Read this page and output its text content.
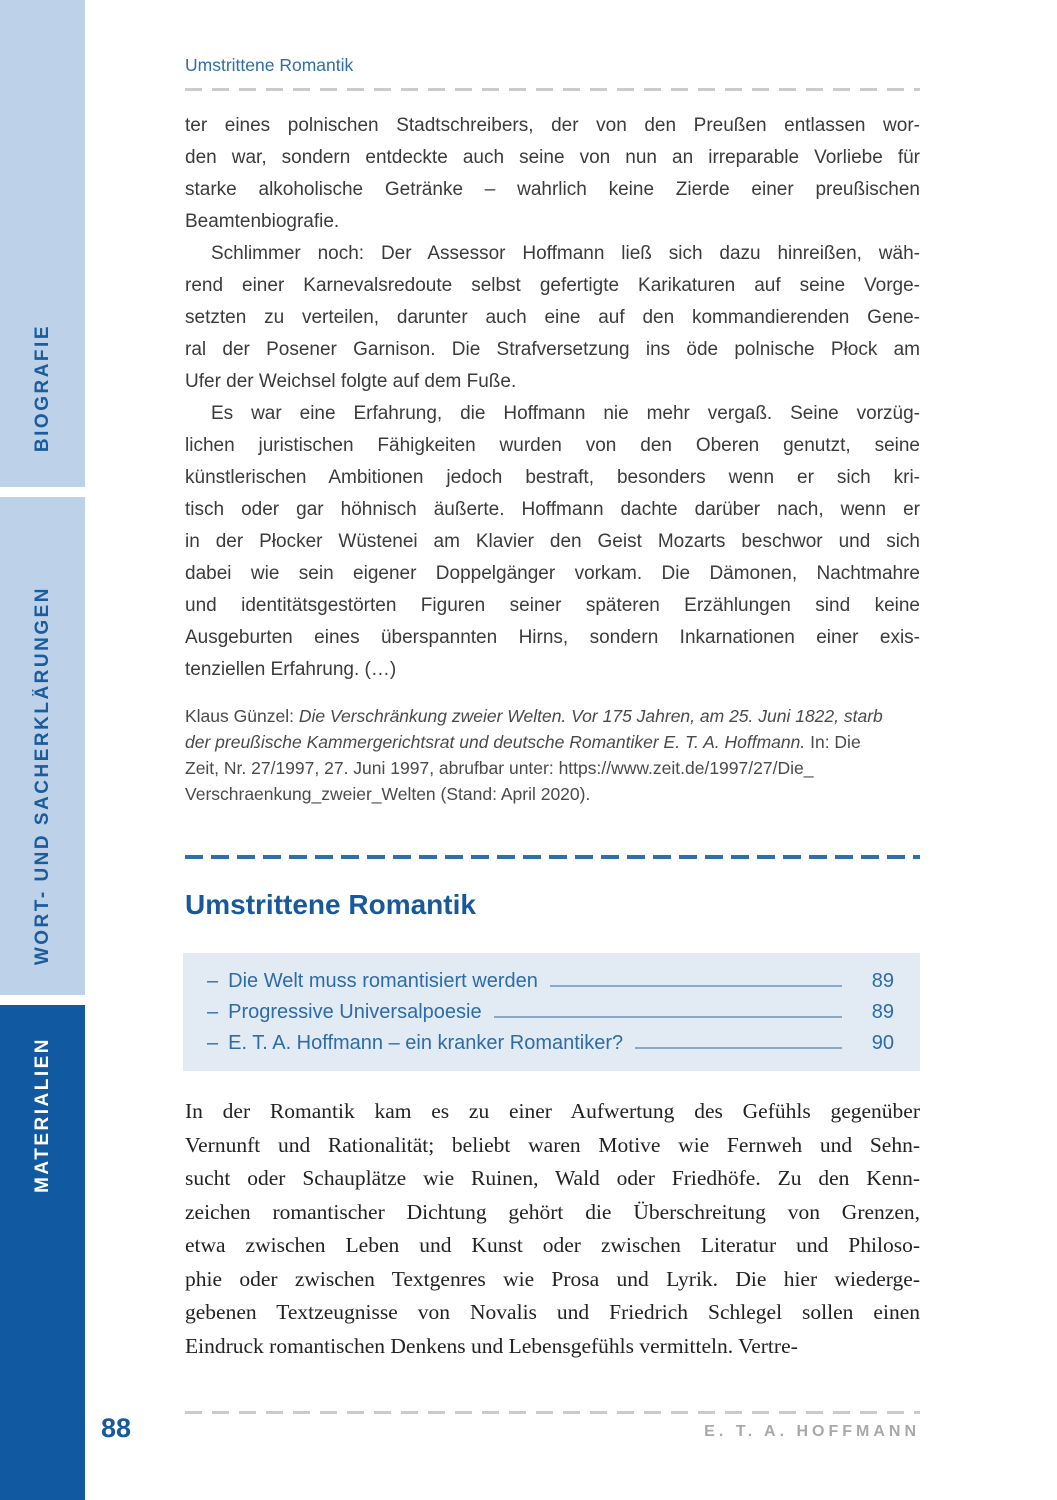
BIOGRAFIE
WORT- UND SACHERKLÄRUNGEN
MATERIALIEN
Umstrittene Romantik
ter eines polnischen Stadtschreibers, der von den Preußen entlassen wor-
den war, sondern entdeckte auch seine von nun an irreparable Vorliebe für
starke alkoholische Getränke – wahrlich keine Zierde einer preußischen
Beamtenbiografie.
Schlimmer noch: Der Assessor Hoffmann ließ sich dazu hinreißen, wäh-
rend einer Karnevalsredoute selbst gefertigte Karikaturen auf seine Vorge-
setzten zu verteilen, darunter auch eine auf den kommandierenden Gene-
ral der Posener Garnison. Die Strafversetzung ins öde polnische Płock am
Ufer der Weichsel folgte auf dem Fuße.
Es war eine Erfahrung, die Hoffmann nie mehr vergaß. Seine vorzüg-
lichen juristischen Fähigkeiten wurden von den Oberen genutzt, seine
künstlerischen Ambitionen jedoch bestraft, besonders wenn er sich kri-
tisch oder gar höhnisch äußerte. Hoffmann dachte darüber nach, wenn er
in der Płocker Wüstenei am Klavier den Geist Mozarts beschwor und sich
dabei wie sein eigener Doppelgänger vorkam. Die Dämonen, Nachtmahre
und identitätsgestörten Figuren seiner späteren Erzählungen sind keine
Ausgeburten eines überspannten Hirns, sondern Inkarnationen einer exis-
tenziellen Erfahrung. (…)
Klaus Günzel: Die Verschränkung zweier Welten. Vor 175 Jahren, am 25. Juni 1822, starb
der preußische Kammergerichtsrat und deutsche Romantiker E. T. A. Hoffmann. In: Die
Zeit, Nr. 27/1997, 27. Juni 1997, abrufbar unter: https://www.zeit.de/1997/27/Die_
Verschraenkung_zweier_Welten (Stand: April 2020).
Umstrittene Romantik
– Die Welt muss romantisiert werden	89
– Progressive Universalpoesie	89
– E. T. A. Hoffmann – ein kranker Romantiker?	90
In der Romantik kam es zu einer Aufwertung des Gefühls gegenüber
Vernunft und Rationalität; beliebt waren Motive wie Fernweh und Sehn-
sucht oder Schauplätze wie Ruinen, Wald oder Friedhöfe. Zu den Kenn-
zeichen romantischer Dichtung gehört die Überschreitung von Grenzen,
etwa zwischen Leben und Kunst oder zwischen Literatur und Philoso-
phie oder zwischen Textgenres wie Prosa und Lyrik. Die hier wiederge-
gebenen Textzeugnisse von Novalis und Friedrich Schlegel sollen einen
Eindruck romantischen Denkens und Lebensgefühls vermitteln. Vertre-
E. T. A. HOFFMANN
88
